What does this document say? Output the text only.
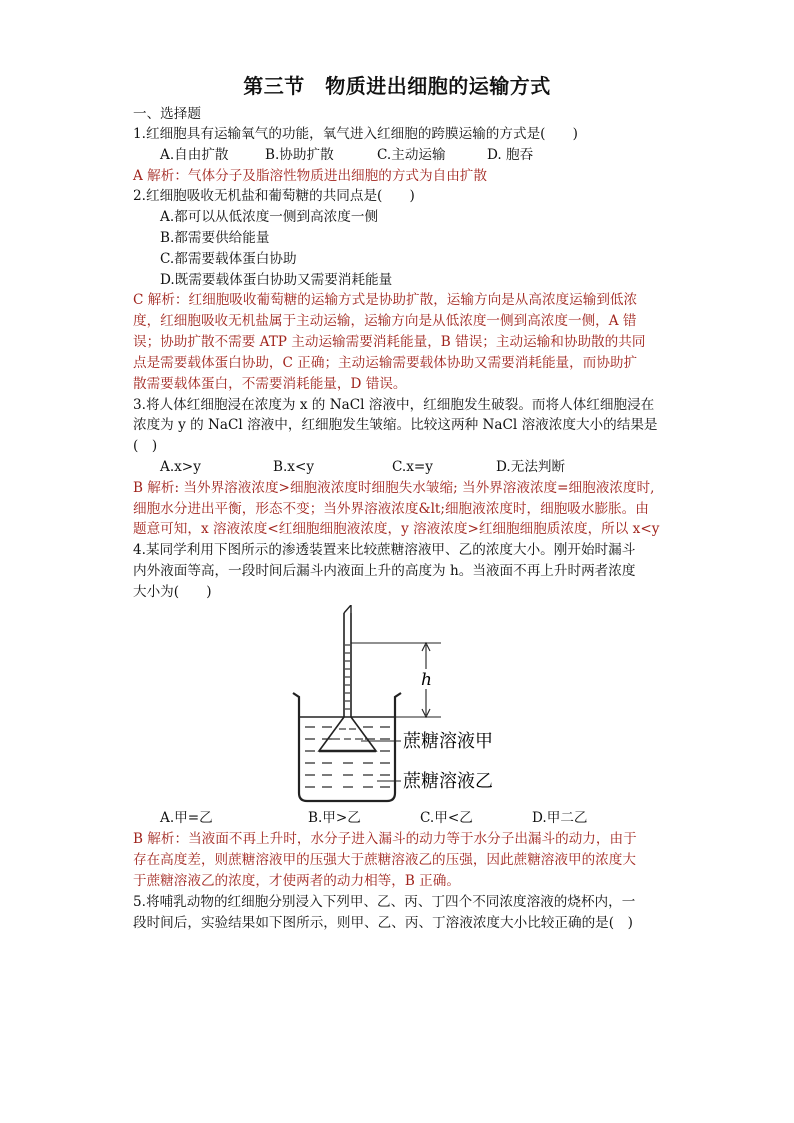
第三节　物质进出细胞的运输方式
一、选择题
1.红细胞具有运输氧气的功能，氧气进入红细胞的跨膜运输的方式是(　　)
A.自由扩散	B.协助扩散	C.主动运输	D. 胞吞
A 解析：气体分子及脂溶性物质进出细胞的方式为自由扩散
2.红细胞吸收无机盐和葡萄糖的共同点是(　　)
A.都可以从低浓度一侧到高浓度一侧
B.都需要供给能量
C.都需要载体蛋白协助
D.既需要载体蛋白协助又需要消耗能量
C 解析：红细胞吸收葡萄糖的运输方式是协助扩散，运输方向是从高浓度运输到低浓
度，红细胞吸收无机盐属于主动运输，运输方向是从低浓度一侧到高浓度一侧，A 错
误；协助扩散不需要 ATP 主动运输需要消耗能量，B 错误；主动运输和协助散的共同
点是需要载体蛋白协助，C 正确；主动运输需要载体协助又需要消耗能量，而协助扩
散需要载体蛋白，不需要消耗能量，D 错误。
3.将人体红细胞浸在浓度为 x 的 NaCl 溶液中，红细胞发生破裂。而将人体红细胞浸在
浓度为 y 的 NaCl 溶液中，红细胞发生皱缩。比较这两种 NaCl 溶液浓度大小的结果是
(　)
A.x>y	B.x<y	C.x=y	D.无法判断
B 解析: 当外界溶液浓度>细胞液浓度时细胞失水皱缩; 当外界溶液浓度=细胞液浓度时,
细胞水分进出平衡，形态不变；当外界溶液浓度&lt;细胞液浓度时，细胞吸水膨胀。由
题意可知，x 溶液浓度<红细胞细胞液浓度，y 溶液浓度>红细胞细胞质浓度，所以 x<y
4.某同学利用下图所示的渗透装置来比较蔗糖溶液甲、乙的浓度大小。刚开始时漏斗
内外液面等高，一段时间后漏斗内液面上升的高度为 h。当液面不再上升时两者浓度
大小为(　　)
h
蔗糖溶液甲
蔗糖溶液乙
A.甲=乙	B.甲>乙	C.甲<乙	D.甲二乙
B 解析：当液面不再上升时，水分子进入漏斗的动力等于水分子出漏斗的动力，由于
存在高度差，则蔗糖溶液甲的压强大于蔗糖溶液乙的压强，因此蔗糖溶液甲的浓度大
于蔗糖溶液乙的浓度，才使两者的动力相等，B 正确。
5.将哺乳动物的红细胞分别浸入下列甲、乙、丙、丁四个不同浓度溶液的烧杯内，一
段时间后，实验结果如下图所示，则甲、乙、丙、丁溶液浓度大小比较正确的是(　)
